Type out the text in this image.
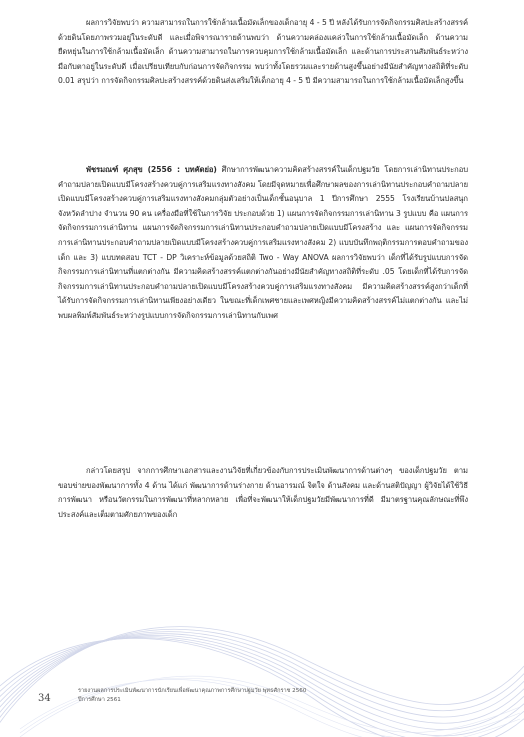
ผลการวิจัยพบว่า ความสามารถในการใช้กล้ามเนื้อมัดเล็กของเด็กอายุ 4 - 5 ปี หลังได้รับการจัดกิจกรรมศิลปะสร้างสรรค์ด้วยดินโดยภาพรวมอยู่ในระดับดี และเมื่อพิจารณารายด้านพบว่า ด้านความคล่องแคล่วในการใช้กล้ามเนื้อมัดเล็ก ด้านความยืดหยุ่นในการใช้กล้ามเนื้อมัดเล็ก ด้านความสามารถในการควบคุมการใช้กล้ามเนื้อมัดเล็ก และด้านการประสานสัมพันธ์ระหว่างมือกับตาอยู่ในระดับดี เมื่อเปรียบเทียบกับก่อนการจัดกิจกรรม พบว่าทั้งโดยรวมและรายด้านสูงขึ้นอย่างมีนัยสำคัญทางสถิติที่ระดับ 0.01 สรุปว่า การจัดกิจกรรมศิลปะสร้างสรรค์ด้วยดินส่งเสริมให้เด็กอายุ 4 - 5 ปี มีความสามารถในการใช้กล้ามเนื้อมัดเล็กสูงขึ้น
พัชรมณฑ์ ศุภสุข (2556 : บทคัดย่อ) ศึกษาการพัฒนาความคิดสร้างสรรค์ในเด็กปฐมวัย โดยการเล่านิทานประกอบคำถามปลายเปิดแบบมีโครงสร้างควบคู่การเสริมแรงทางสังคม โดยมีจุดหมายเพื่อศึกษาผลของการเล่านิทานประกอบคำถามปลายเปิดแบบมีโครงสร้างควบคู่การเสริมแรงทางสังคมกลุ่มตัวอย่างเป็นเด็กชั้นอนุบาล 1 ปีการศึกษา 2555 โรงเรียนบ้านปลสนุก จังหวัดลำปาง จำนวน 90 คน เครื่องมือที่ใช้ในการวิจัย ประกอบด้วย 1) แผนการจัดกิจกรรมการเล่านิทาน 3 รูปแบบ คือ แผนการจัดกิจกรรมการเล่านิทาน แผนการจัดกิจกรรมการเล่านิทานประกอบคำถามปลายเปิดแบบมีโครงสร้าง และ แผนการจัดกิจกรรมการเล่านิทานประกอบคำถามปลายเปิดแบบมีโครงสร้างควบคู่การเสริมแรงทางสังคม 2) แบบบันทึกพฤติกรรมการตอบคำถามของเด็ก และ 3) แบบทดสอบ TCT - DP วิเคราะห์ข้อมูลด้วยสถิติ Two - Way ANOVA ผลการวิจัยพบว่า เด็กที่ได้รับรูปแบบการจัดกิจกรรมการเล่านิทานที่แตกต่างกัน มีความคิดสร้างสรรค์แตกต่างกันอย่างมีนัยสำคัญทางสถิติที่ระดับ .05 โดยเด็กที่ได้รับการจัดกิจกรรมการเล่านิทานประกอบคำถามปลายเปิดแบบมีโครงสร้างควบคู่การเสริมแรงทางสังคม มีความคิดสร้างสรรค์สูงกว่าเด็กที่ได้รับการจัดกิจกรรมการเล่านิทานเพียงอย่างเดียว ในขณะที่เด็กเพศชายและเพศหญิงมีความคิดสร้างสรรค์ไม่แตกต่างกัน และไม่พบผลพิมพ์สัมพันธ์ระหว่างรูปแบบการจัดกิจกรรมการเล่านิทานกับเพศ
กล่าวโดยสรุป จากการศึกษาเอกสารและงานวิจัยที่เกี่ยวข้องกับการประเมินพัฒนาการด้านต่างๆ ของเด็กปฐมวัย ตามขอบข่ายของพัฒนาการทั้ง 4 ด้าน ได้แก่ พัฒนาการด้านร่างกาย ด้านอารมณ์ จิตใจ ด้านสังคม และด้านสติปัญญา ผู้วิจัยได้ใช้วิธีการพัฒนา หรือนวัตกรรมในการพัฒนาที่หลากหลาย เพื่อที่จะพัฒนาให้เด็กปฐมวัยมีพัฒนาการที่ดี มีมาตรฐานคุณลักษณะที่พึงประสงค์และเต็มตามศักยภาพของเด็ก
34
รายงานผลการประเมินพัฒนาการนักเรียนเพื่อพัฒนาคุณภาพการศึกษาปฐมวัย พุทธศักราช 2560
ปีการศึกษา 2561
